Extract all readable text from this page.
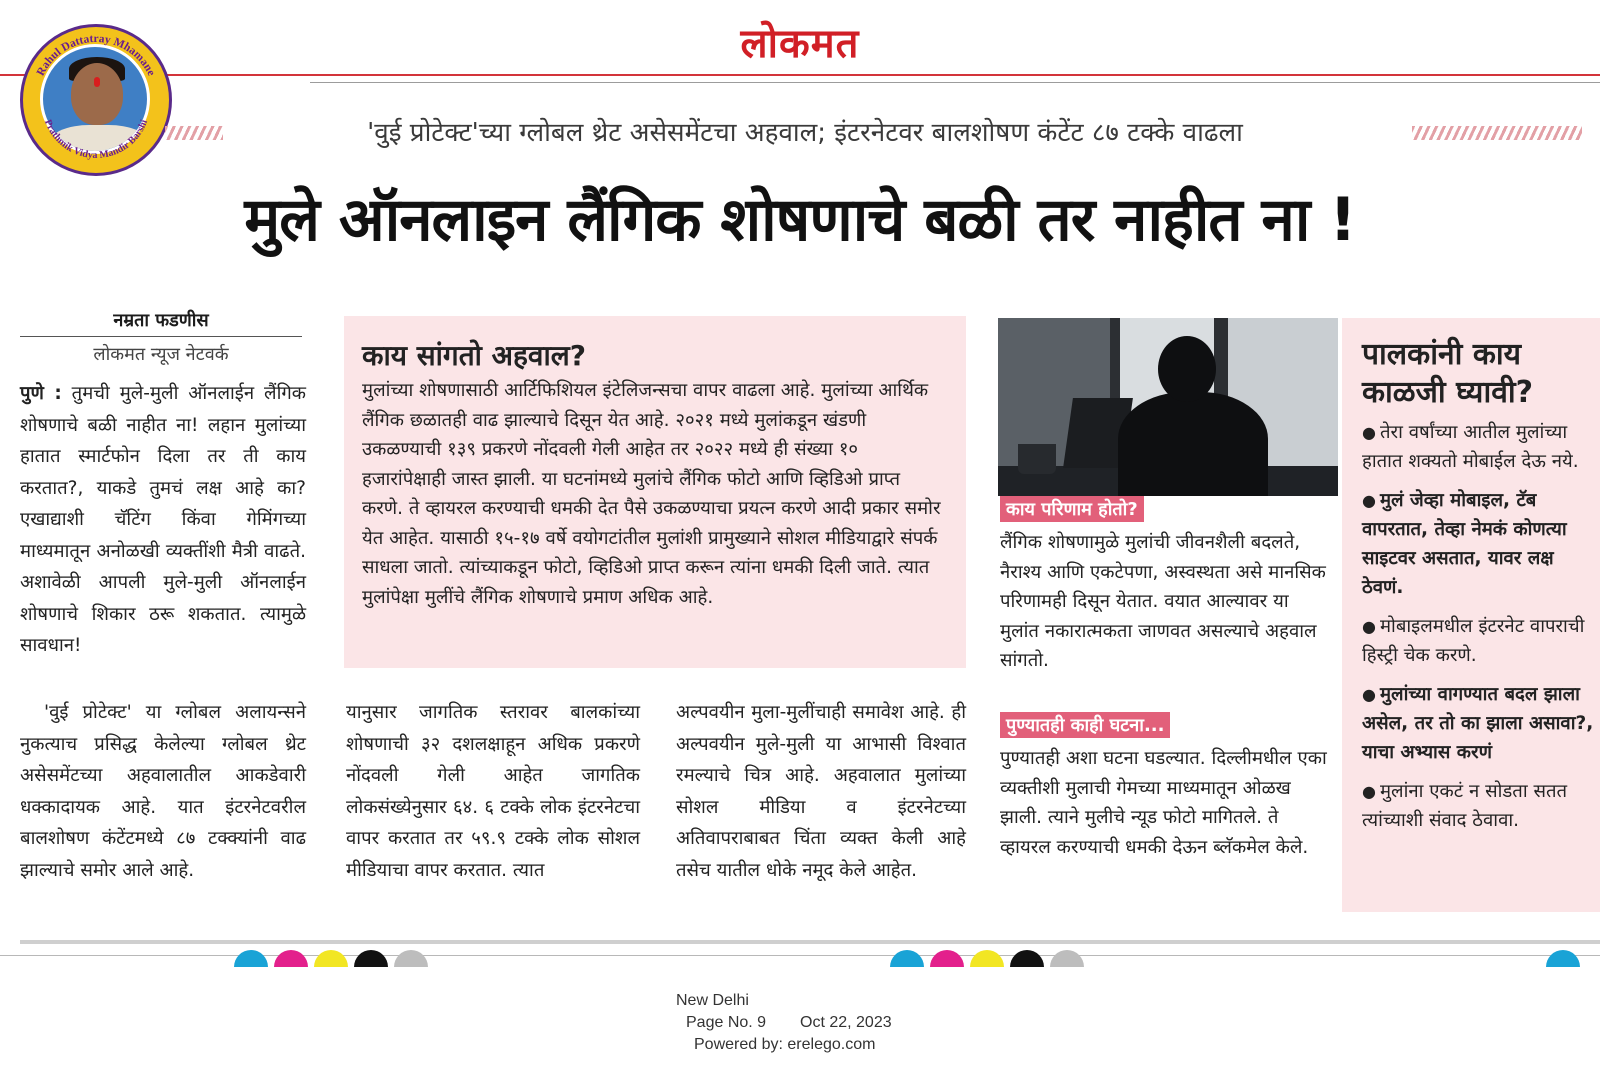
लोकमत
Rahul Dattatray Mhamane
Prathmik Vidya Mandir Barshi	'वुई प्रोटेक्ट'च्या ग्लोबल थ्रेट असेसमेंटचा अहवाल; इंटरनेटवर बालशोषण कंटेंट ८७ टक्के वाढला
मुले ऑनलाइन लैंगिक शोषणाचे बळी तर नाहीत ना !
नम्रता फडणीस
लोकमत न्यूज नेटवर्क
पुणे : तुमची मुले-मुली ऑनलाईन लैंगिक शोषणाचे बळी नाहीत ना! लहान मुलांच्या हातात स्मार्टफोन दिला तर ती काय करतात?, याकडे तुमचं लक्ष आहे का? एखाद्याशी चॅटिंग किंवा गेमिंगच्या माध्यमातून अनोळखी व्यक्तींशी मैत्री वाढते. अशावेळी आपली मुले-मुली ऑनलाईन शोषणाचे शिकार ठरू शकतात. त्यामुळे सावधान!
'वुई प्रोटेक्ट' या ग्लोबल अलायन्सने नुकत्याच प्रसिद्ध केलेल्या ग्लोबल थ्रेट असेसमेंटच्या अहवालातील आकडेवारी धक्कादायक आहे. यात इंटरनेटवरील बालशोषण कंटेंटमध्ये ८७ टक्क्यांनी वाढ झाल्याचे समोर आले आहे.
काय सांगतो अहवाल?
मुलांच्या शोषणासाठी आर्टिफिशियल इंटेलिजन्सचा वापर वाढला आहे. मुलांच्या आर्थिक लैंगिक छळातही वाढ झाल्याचे दिसून येत आहे. २०२१ मध्ये मुलांकडून खंडणी उकळण्याची १३९ प्रकरणे नोंदवली गेली आहेत तर २०२२ मध्ये ही संख्या १० हजारांपेक्षाही जास्त झाली. या घटनांमध्ये मुलांचे लैंगिक फोटो आणि व्हिडिओ प्राप्त करणे. ते व्हायरल करण्याची धमकी देत पैसे उकळण्याचा प्रयत्न करणे आदी प्रकार समोर येत आहेत. यासाठी १५-१७ वर्षे वयोगटांतील मुलांशी प्रामुख्याने सोशल मीडियाद्वारे संपर्क साधला जातो. त्यांच्याकडून फोटो, व्हिडिओ प्राप्त करून त्यांना धमकी दिली जाते. त्यात मुलांपेक्षा मुलींचे लैंगिक शोषणाचे प्रमाण अधिक आहे.
यानुसार जागतिक स्तरावर बालकांच्या शोषणाची ३२ दशलक्षाहून अधिक प्रकरणे नोंदवली गेली आहेत जागतिक लोकसंख्येनुसार ६४. ६ टक्के लोक इंटरनेटचा वापर करतात तर ५९.९ टक्के लोक सोशल मीडियाचा वापर करतात. त्यात
अल्पवयीन मुला-मुलींचाही समावेश आहे. ही अल्पवयीन मुले-मुली या आभासी विश्वात रमल्याचे चित्र आहे. अहवालात मुलांच्या सोशल मीडिया व इंटरनेटच्या अतिवापराबाबत चिंता व्यक्त केली आहे तसेच यातील धोके नमूद केले आहेत.
काय परिणाम होतो?
लैंगिक शोषणामुळे मुलांची जीवनशैली बदलते, नैराश्य आणि एकटेपणा, अस्वस्थता असे मानसिक परिणामही दिसून येतात. वयात आल्यावर या मुलांत नकारात्मकता जाणवत असल्याचे अहवाल सांगतो.
पुण्यातही काही घटना...
पुण्यातही अशा घटना घडल्यात. दिल्लीमधील एका व्यक्तीशी मुलाची गेमच्या माध्यमातून ओळख झाली. त्याने मुलीचे न्यूड फोटो मागितले. ते व्हायरल करण्याची धमकी देऊन ब्लॅकमेल केले.
पालकांनी काय काळजी घ्यावी?
● तेरा वर्षांच्या आतील मुलांच्या हातात शक्यतो मोबाईल देऊ नये.
● मुलं जेव्हा मोबाइल, टॅब वापरतात, तेव्हा नेमकं कोणत्या साइटवर असतात, यावर लक्ष ठेवणं.
● मोबाइलमधील इंटरनेट वापराची हिस्ट्री चेक करणे.
● मुलांच्या वागण्यात बदल झाला असेल, तर तो का झाला असावा?, याचा अभ्यास करणं
● मुलांना एकटं न सोडता सतत त्यांच्याशी संवाद ठेवावा.
New Delhi
Page No. 9 Oct 22, 2023
Powered by: erelego.com
